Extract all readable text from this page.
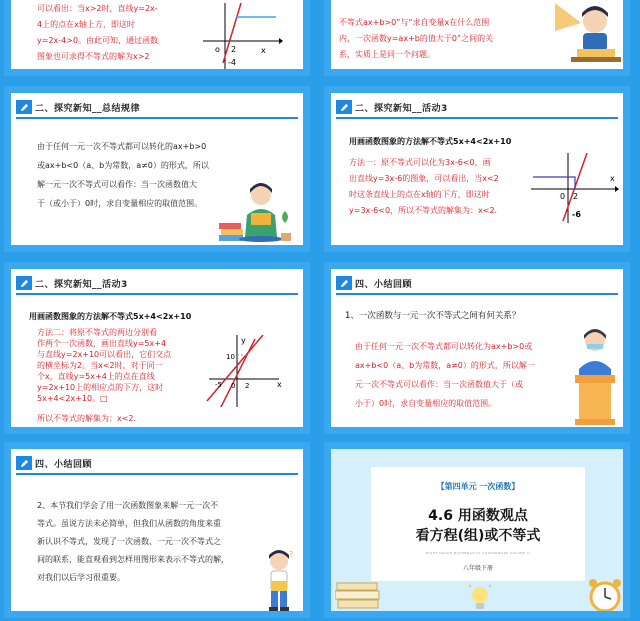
可以看出：当x>2时，直线y=2x-
4上的点在x轴上方，即这时
y=2x-4>0。由此可知，通过函数
图象也可求得不等式的解为x>2
x
o 2
-4
不等式ax+b>0”与“求自变量x在什么范围
内，一次函数y=ax+b的值大于0”之间的关
系，实质上是同一个问题。
二、探究新知__总结规律
由于任何一元一次不等式都可以转化的ax+b>0
或ax+b<0（a、b为常数，a≠0）的形式，所以
解一元一次不等式可以看作：当一次函数值大
于（或小于）0时，求自变量相应的取值范围。
二、探究新知__活动3
用画函数图象的方法解不等式5x+4<2x+10
方法一：原不等式可以化为3x-6<0，画
出直线y=3x-6的图象，可以看出，当x<2
时这条直线上的点在x轴的下方，即这时
y=3x-6<0，所以不等式的解集为：x<2.
x
0 2
-6
二、探究新知__活动3
用画函数图象的方法解不等式5x+4<2x+10
方法二：将原不等式的两边分别看
作两个一次函数，画出直线y=5x+4
与直线y=2x+10可以看出，它们交点
的横坐标为2。当x<2时，对于同一
个x，直线y=5x+4上的点在直线
y=2x+10上的相应点的下方，这时
5x+4<2x+10。□
所以不等式的解集为：x<2.
y
x
10
-5 0 2
四、小结回顾
1、一次函数与一元一次不等式之间有何关系？
由于任何一元一次不等式都可以转化为ax+b>0或
ax+b<0（a、b为常数，a≠0）的形式，所以解一
元一次不等式可以看作：当一次函数值大于（或
小于）0时，求自变量相应的取值范围。
四、小结回顾
2、本节我们学会了用一次函数图象来解一元一次不
等式。虽说方法未必简单，但我们从函数的角度来重
新认识不等式，发现了一次函数、一元一次不等式之
间的联系，能直观看到怎样用图形来表示不等式的解，
对我们以后学习很重要。
?
【第四单元 一次函数】
4.6 用函数观点
看方程(组)或不等式
EIGHT GRADE MATHEMATICS COURSEWARE VOLUME II
八年级下册
